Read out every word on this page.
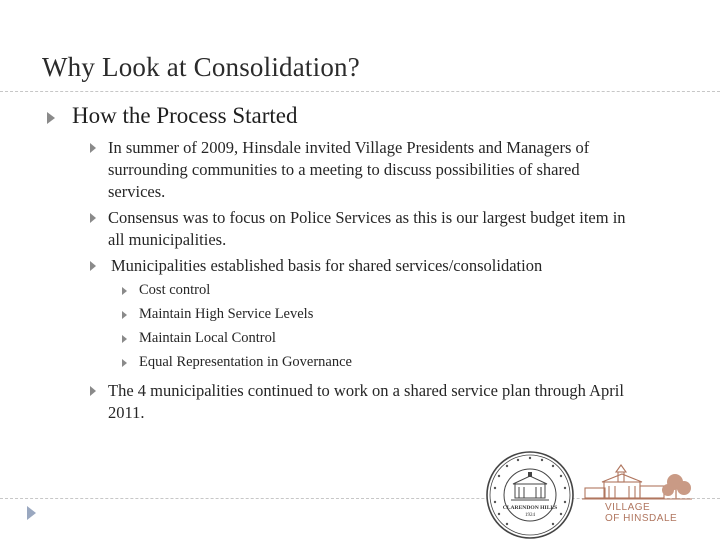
Why Look at Consolidation?
How the Process Started
In summer of 2009, Hinsdale invited Village Presidents and Managers of
surrounding communities to a meeting to discuss possibilities of shared
services.
Consensus was to focus on Police Services as this is our largest budget item in
all municipalities.
Municipalities established basis for shared services/consolidation
Cost control
Maintain High Service Levels
Maintain Local Control
Equal Representation in Governance
The 4 municipalities continued to work on a shared service plan through April
2011.
CLARENDON HILLS
1924
VILLAGE
OF HINSDALE
